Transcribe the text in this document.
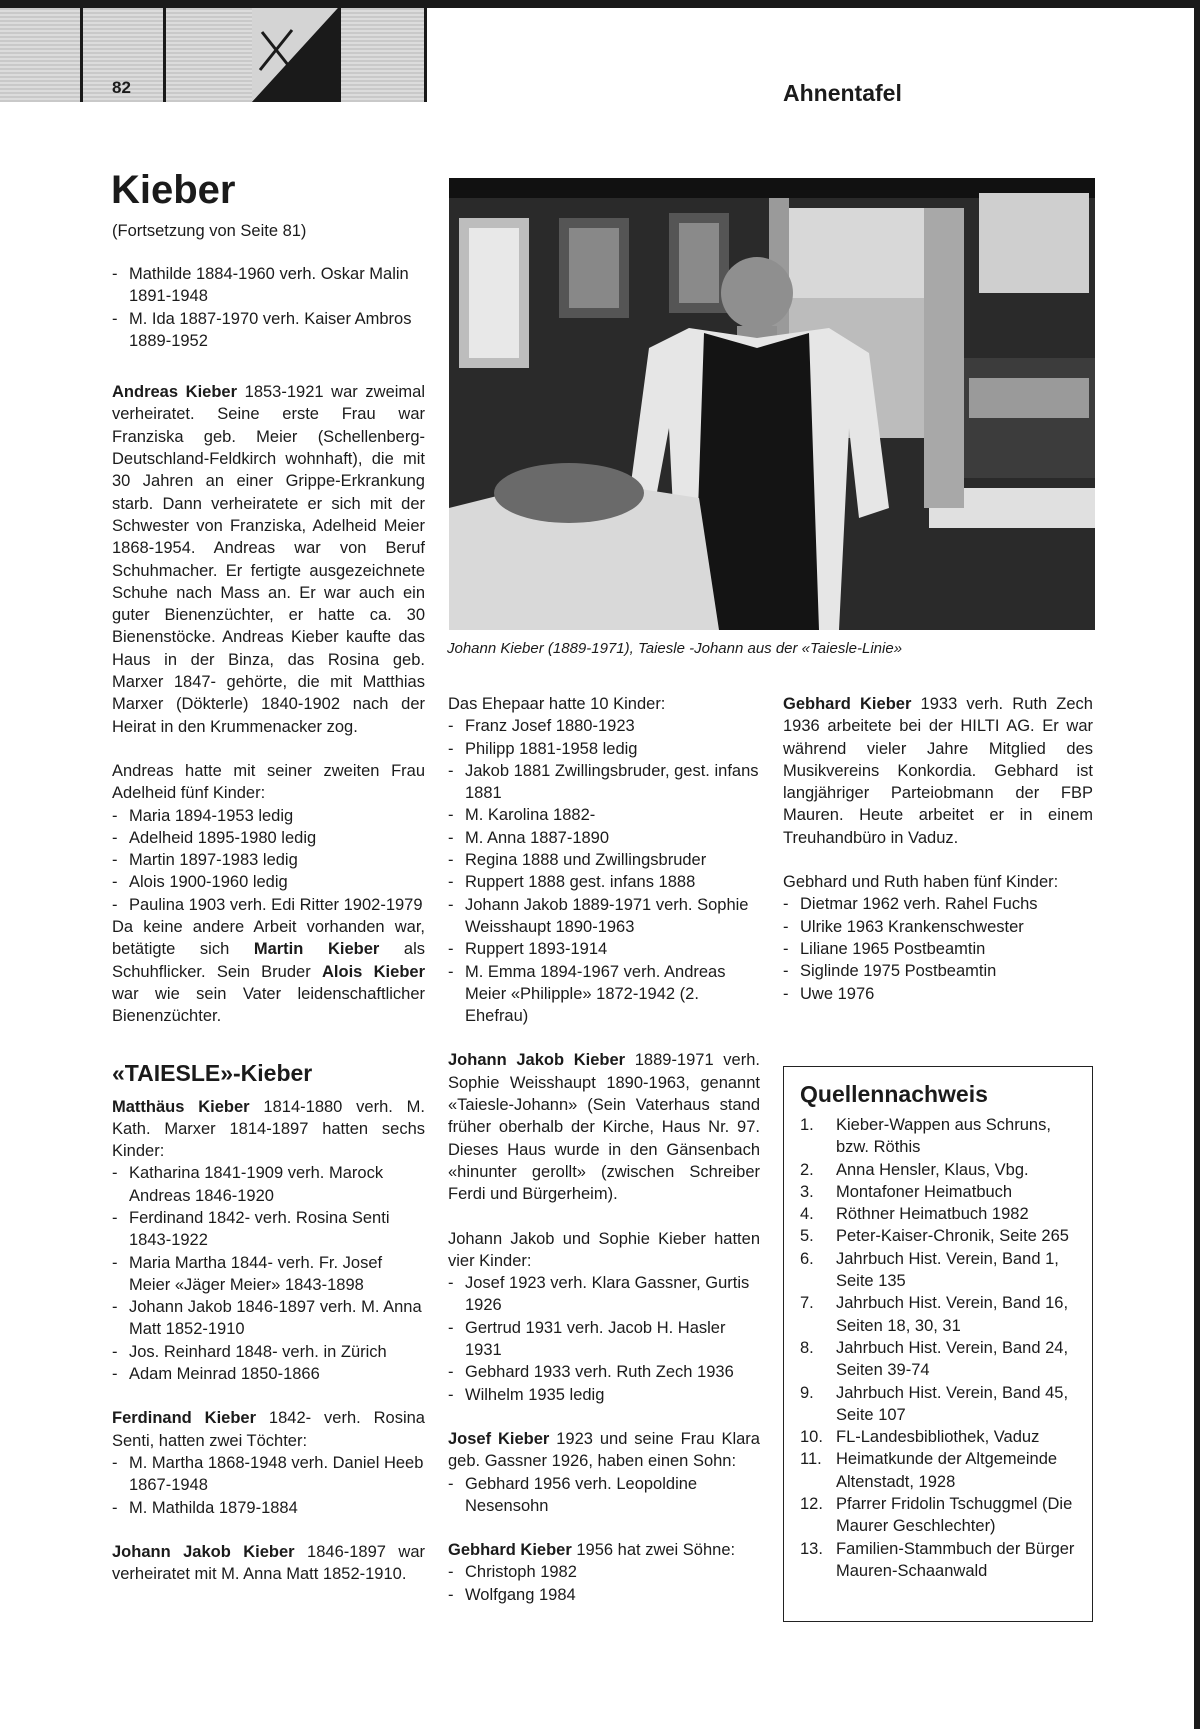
82	Ahnentafel
Kieber
(Fortsetzung von Seite 81)
- Mathilde 1884-1960 verh. Oskar Malin 1891-1948
- M. Ida 1887-1970 verh. Kaiser Ambros 1889-1952

Andreas Kieber 1853-1921 war zweimal verheiratet. Seine erste Frau war Franziska geb. Meier (Schellenberg-Deutschland-Feldkirch wohnhaft), die mit 30 Jahren an einer Grippe-Erkrankung starb. Dann verheiratete er sich mit der Schwester von Franziska, Adelheid Meier 1868-1954. Andreas war von Beruf Schuhmacher. Er fertigte ausgezeichnete Schuhe nach Mass an. Er war auch ein guter Bienenzüchter, er hatte ca. 30 Bienenstöcke. Andreas Kieber kaufte das Haus in der Binza, das Rosina geb. Marxer 1847- gehörte, die mit Matthias Marxer (Dökterle) 1840-1902 nach der Heirat in den Krummenacker zog.

Andreas hatte mit seiner zweiten Frau Adelheid fünf Kinder:

- Maria 1894-1953 ledig
- Adelheid 1895-1980 ledig
- Martin 1897-1983 ledig
- Alois 1900-1960 ledig
- Paulina 1903 verh. Edi Ritter 1902-1979

Da keine andere Arbeit vorhanden war, betätigte sich Martin Kieber als Schuhflicker. Sein Bruder Alois Kieber war wie sein Vater leidenschaftlicher Bienenzüchter.

«TAIESLE»-Kieber

Matthäus Kieber 1814-1880 verh. M. Kath. Marxer 1814-1897 hatten sechs Kinder:

- Katharina 1841-1909 verh. Marock Andreas 1846-1920
- Ferdinand 1842- verh. Rosina Senti 1843-1922
- Maria Martha 1844- verh. Fr. Josef Meier «Jäger Meier» 1843-1898
- Johann Jakob 1846-1897 verh. M. Anna Matt 1852-1910
- Jos. Reinhard 1848- verh. in Zürich
- Adam Meinrad 1850-1866

Ferdinand Kieber 1842- verh. Rosina Senti, hatten zwei Töchter:

- M. Martha 1868-1948 verh. Daniel Heeb 1867-1948
- M. Mathilda 1879-1884

Johann Jakob Kieber 1846-1897 war verheiratet mit M. Anna Matt 1852-1910.

Johann Kieber (1889-1971), Taiesle -Johann aus der «Taiesle-Linie»

Das Ehepaar hatte 10 Kinder:

- Franz Josef 1880-1923
- Philipp 1881-1958 ledig
- Jakob 1881 Zwillingsbruder, gest. infans 1881
- M. Karolina 1882-
- M. Anna 1887-1890
- Regina 1888 und Zwillingsbruder
- Ruppert 1888 gest. infans 1888
- Johann Jakob 1889-1971 verh. Sophie Weisshaupt 1890-1963
- Ruppert 1893-1914
- M. Emma 1894-1967 verh. Andreas Meier «Philipple» 1872-1942 (2. Ehefrau)

Johann Jakob Kieber 1889-1971 verh. Sophie Weisshaupt 1890-1963, genannt «Taiesle-Johann» (Sein Vaterhaus stand früher oberhalb der Kirche, Haus Nr. 97. Dieses Haus wurde in den Gänsenbach «hinunter gerollt» (zwischen Schreiber Ferdi und Bürgerheim).

Johann Jakob und Sophie Kieber hatten vier Kinder:

- Josef 1923 verh. Klara Gassner, Gurtis 1926
- Gertrud 1931 verh. Jacob H. Hasler 1931
- Gebhard 1933 verh. Ruth Zech 1936
- Wilhelm 1935 ledig

Josef Kieber 1923 und seine Frau Klara geb. Gassner 1926, haben einen Sohn:

- Gebhard 1956 verh. Leopoldine Nesensohn

Gebhard Kieber 1956 hat zwei Söhne:

- Christoph 1982
- Wolfgang 1984

Gebhard Kieber 1933 verh. Ruth Zech 1936 arbeitete bei der HILTI AG. Er war während vieler Jahre Mitglied des Musikvereins Konkordia. Gebhard ist langjähriger Parteiobmann der FBP Mauren. Heute arbeitet er in einem Treuhandbüro in Vaduz.

Gebhard und Ruth haben fünf Kinder:

- Dietmar 1962 verh. Rahel Fuchs
- Ulrike 1963 Krankenschwester
- Liliane 1965 Postbeamtin
- Siglinde 1975 Postbeamtin
- Uwe 1976
Quellennachweis
1.	Kieber-Wappen aus Schruns, bzw. Röthis
2.	Anna Hensler, Klaus, Vbg.
3.	Montafoner Heimatbuch
4.	Röthner Heimatbuch 1982
5.	Peter-Kaiser-Chronik, Seite 265
6.	Jahrbuch Hist. Verein, Band 1, Seite 135
7.	Jahrbuch Hist. Verein, Band 16, Seiten 18, 30, 31
8.	Jahrbuch Hist. Verein, Band 24, Seiten 39-74
9.	Jahrbuch Hist. Verein, Band 45, Seite 107
10. FL-Landesbibliothek, Vaduz
11. Heimatkunde der Altgemeinde Altenstadt, 1928
12. Pfarrer Fridolin Tschuggmel (Die Maurer Geschlechter)
13. Familien-Stammbuch der Bürger Mauren-Schaanwald
